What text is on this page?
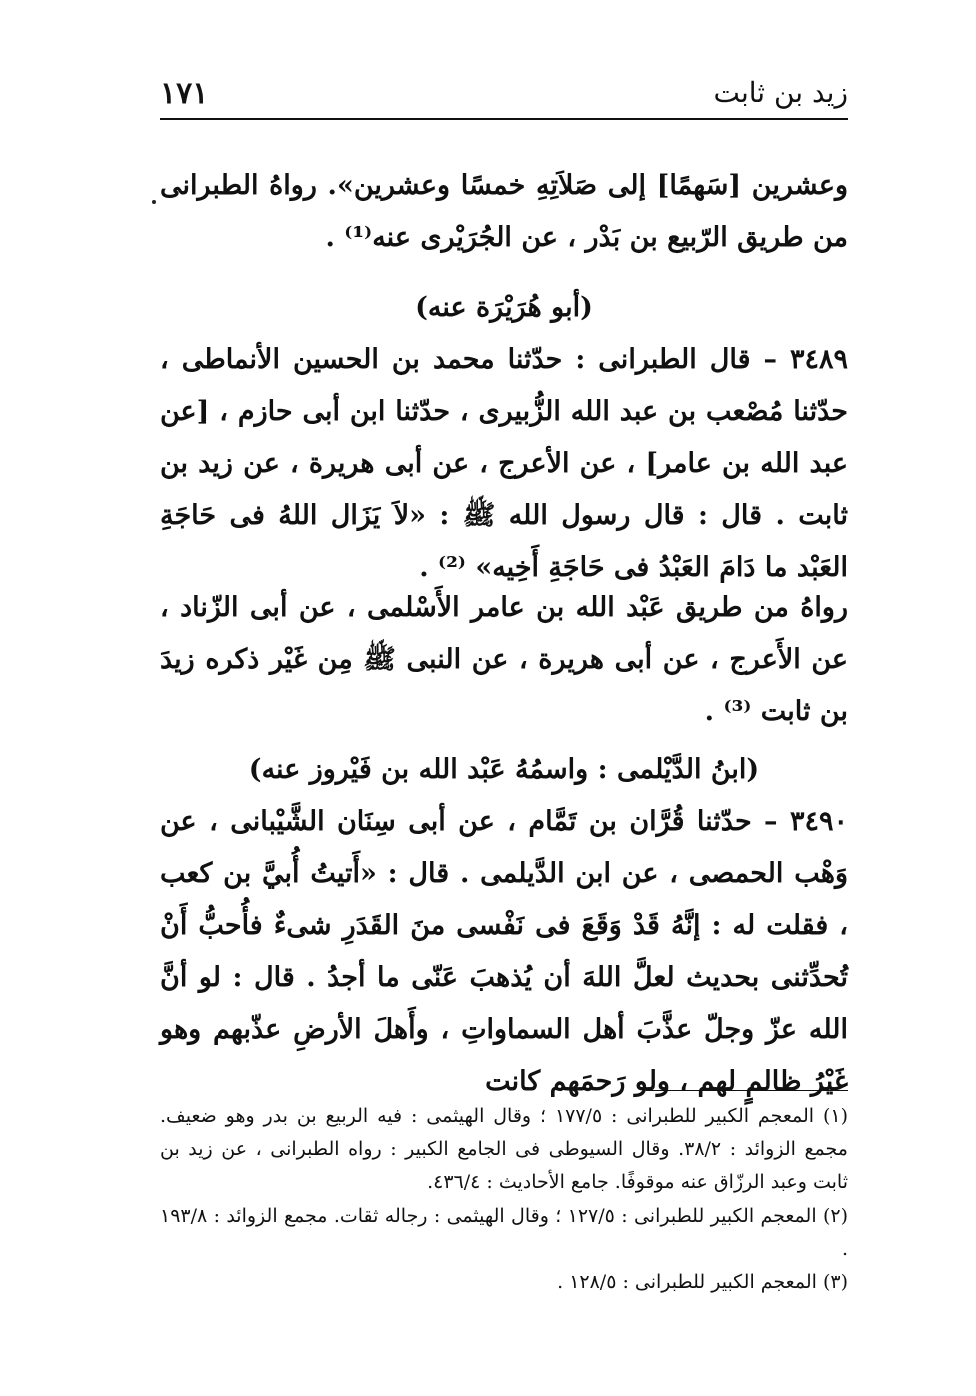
زيد بن ثابت
١٧١
وعشرين [سَهمًا] إلى صَلاَتِهِ خمسًا وعشرين». رواهُ الطبرانى من طريق الرّبيع بن بَدْر ، عن الجُرَيْرى عنه⁽¹⁾ .
(أبو هُرَيْرَة عنه)
٣٤٨٩ – قال الطبرانى : حدّثنا محمد بن الحسين الأنماطى ، حدّثنا مُصْعب بن عبد الله الزُّبيرى ، حدّثنا ابن أبى حازم ، [عن عبد الله بن عامر] ، عن الأعرج ، عن أبى هريرة ، عن زيد بن ثابت . قال : قال رسول الله ﷺ : «لاَ يَزَال اللهُ فى حَاجَةِ العَبْد ما دَامَ العَبْدُ فى حَاجَةِ أَخِيه» ⁽²⁾ .
رواهُ من طريق عَبْد الله بن عامر الأَسْلمى ، عن أبى الزّناد ، عن الأَعرج ، عن أبى هريرة ، عن النبى ﷺ مِن غَيْر ذكره زيدَ بن ثابت ⁽³⁾ .
(ابنُ الدَّيْلمى : واسمُهُ عَبْد الله بن فَيْروز عنه)
٣٤٩٠ – حدّثنا قُرَّان بن تَمَّام ، عن أبى سِنَان الشَّيْبانى ، عن وَهْب الحمصى ، عن ابن الدَّيلمى . قال : «أَتيتُ أُبيَّ بن كعب ، فقلت له : إنَّهُ قَدْ وَقَعَ فى نَفْسى منَ القَدَرِ شىءٌ فأُحبُّ أَنْ تُحدِّثنى بحديث لعلَّ اللهَ أن يُذهبَ عَنّى ما أجدُ . قال : لو أنَّ الله عزّ وجلّ عذَّبَ أهل السماواتِ ، وأَهلَ الأرضِ عذّبهم وهو غَيْرُ ظالمٍ لهم ، ولو رَحمَهم كانت
(١) المعجم الكبير للطبرانى : ١٧٧/٥ ؛ وقال الهيثمى : فيه الربيع بن بدر وهو ضعيف. مجمع الزوائد : ٣٨/٢. وقال السيوطى فى الجامع الكبير : رواه الطبرانى ، عن زيد بن ثابت وعبد الرزّاق عنه موقوفًا. جامع الأحاديث : ٤٣٦/٤.
(٢) المعجم الكبير للطبرانى : ١٢٧/٥ ؛ وقال الهيثمى : رجاله ثقات. مجمع الزوائد : ١٩٣/٨ .
(٣) المعجم الكبير للطبرانى : ١٢٨/٥ .
